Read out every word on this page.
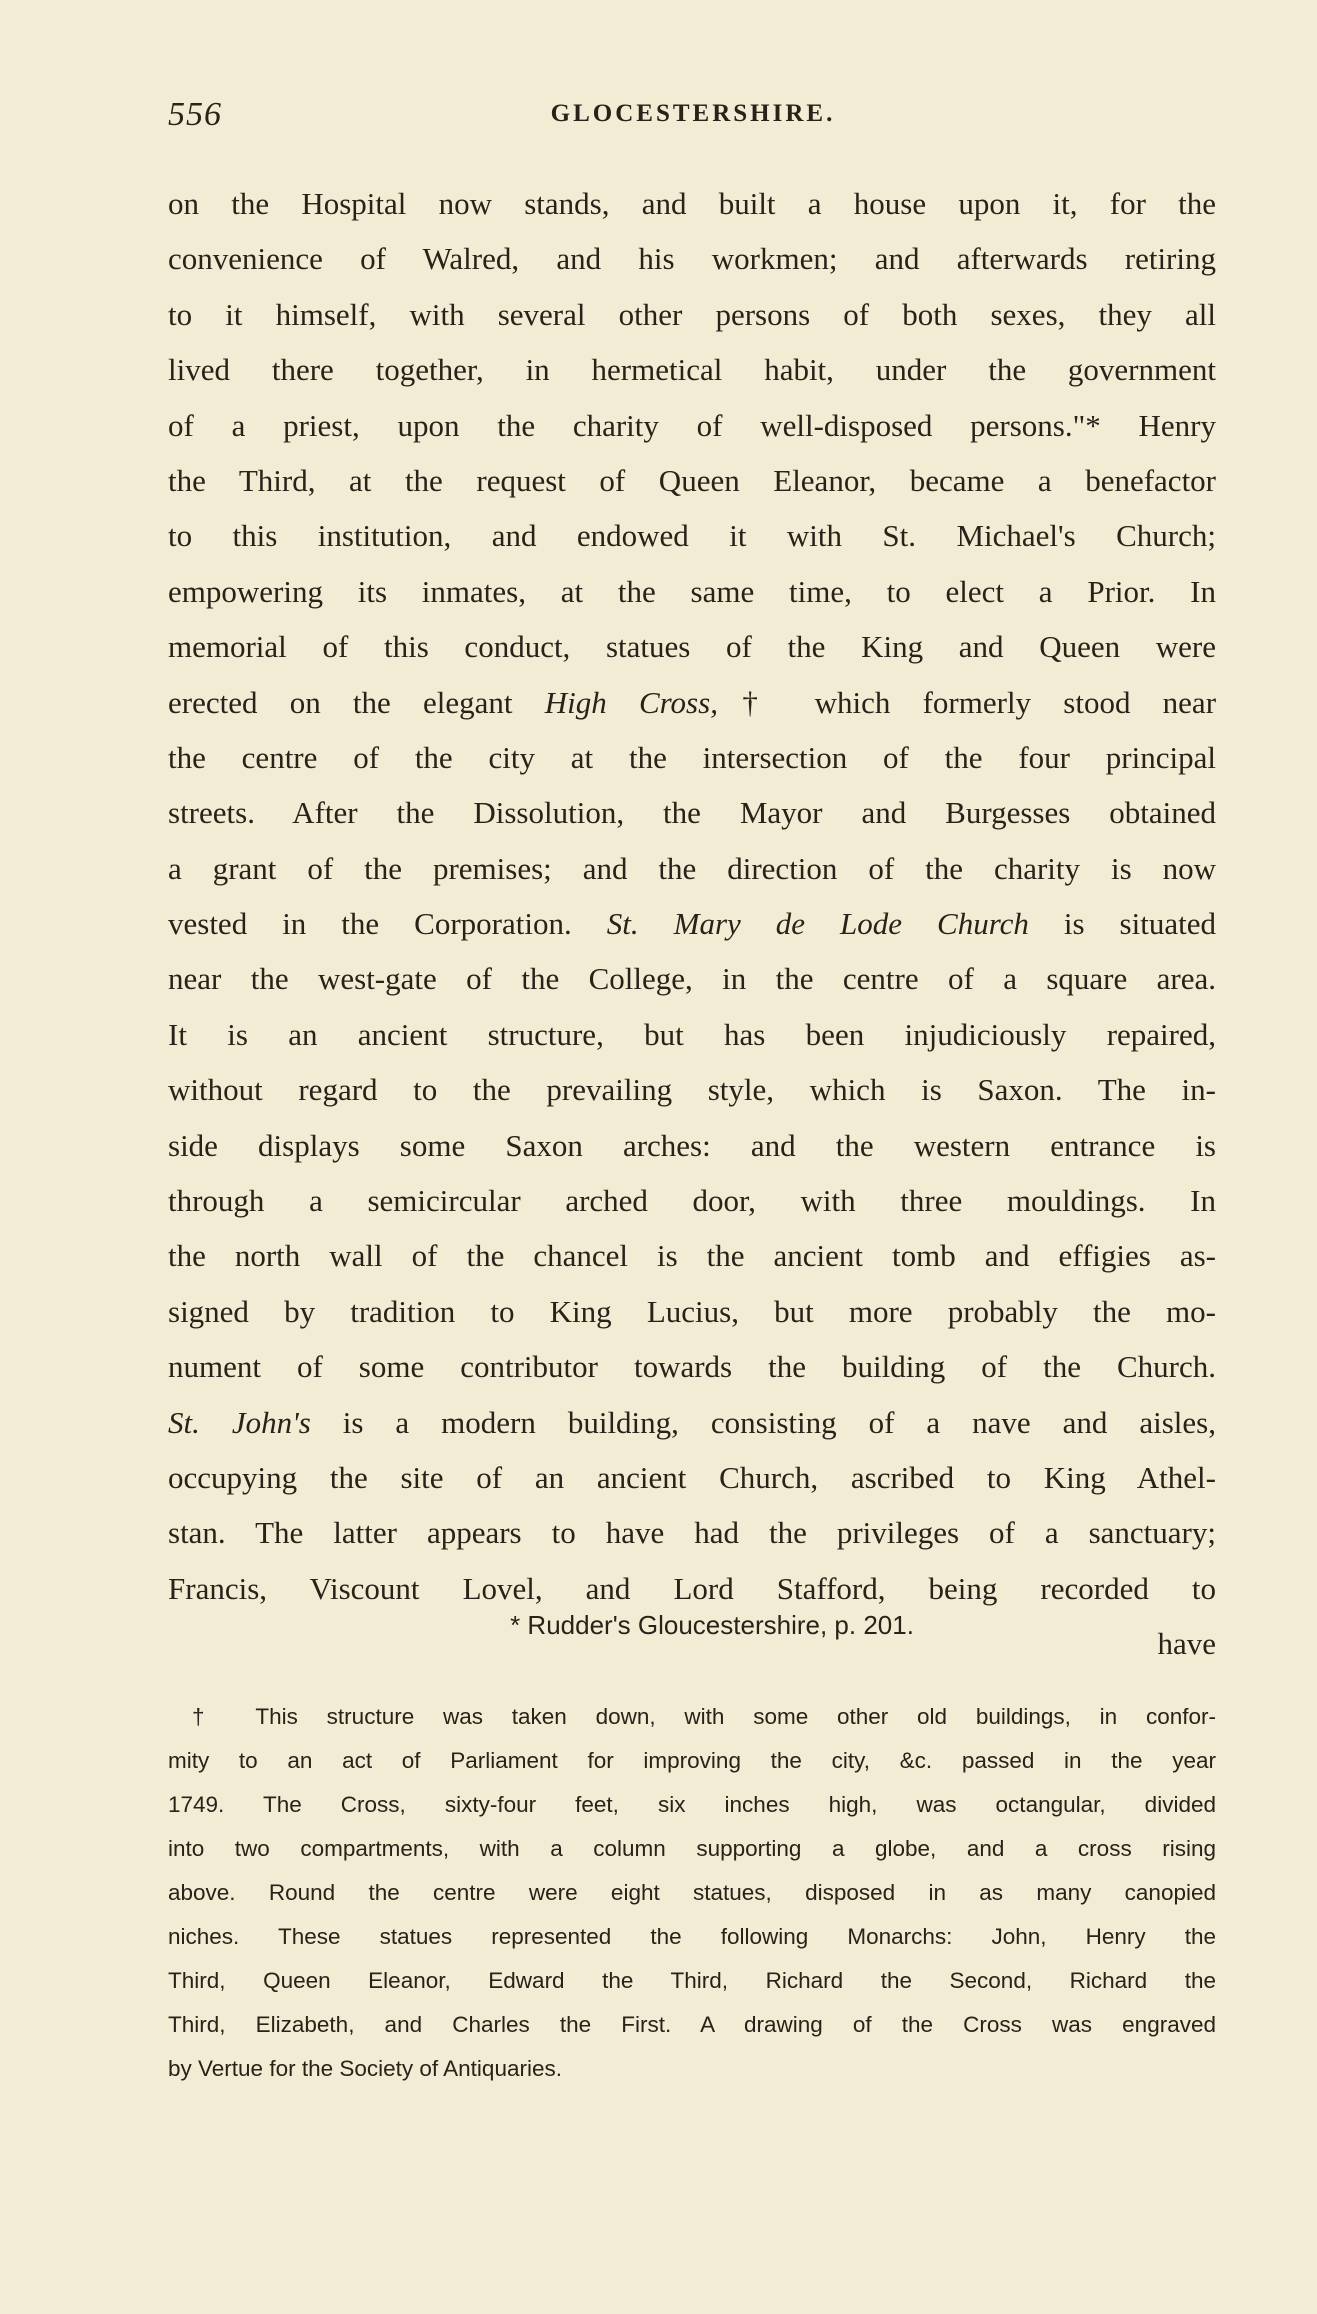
556	GLOCESTERSHIRE.
on the Hospital now stands, and built a house upon it, for the
convenience of Walred, and his workmen; and afterwards retiring
to it himself, with several other persons of both sexes, they all
lived there together, in hermetical habit, under the government
of a priest, upon the charity of well-disposed persons."* Henry
the Third, at the request of Queen Eleanor, became a benefactor
to this institution, and endowed it with St. Michael's Church;
empowering its inmates, at the same time, to elect a Prior. In
memorial of this conduct, statues of the King and Queen were
erected on the elegant High Cross,† which formerly stood near
the centre of the city at the intersection of the four principal
streets. After the Dissolution, the Mayor and Burgesses obtained
a grant of the premises; and the direction of the charity is now
vested in the Corporation. St. Mary de Lode Church is situated
near the west-gate of the College, in the centre of a square area.
It is an ancient structure, but has been injudiciously repaired,
without regard to the prevailing style, which is Saxon. The in-
side displays some Saxon arches: and the western entrance is
through a semicircular arched door, with three mouldings. In
the north wall of the chancel is the ancient tomb and effigies as-
signed by tradition to King Lucius, but more probably the mo-
nument of some contributor towards the building of the Church.
St. John's is a modern building, consisting of a nave and aisles,
occupying the site of an ancient Church, ascribed to King Athel-
stan. The latter appears to have had the privileges of a sanctuary;
Francis, Viscount Lovel, and Lord Stafford, being recorded to
have
* Rudder's Gloucestershire, p. 201.
† This structure was taken down, with some other old buildings, in confor-
mity to an act of Parliament for improving the city, &c. passed in the year
1749. The Cross, sixty-four feet, six inches high, was octangular, divided
into two compartments, with a column supporting a globe, and a cross rising
above. Round the centre were eight statues, disposed in as many canopied
niches. These statues represented the following Monarchs: John, Henry the
Third, Queen Eleanor, Edward the Third, Richard the Second, Richard the
Third, Elizabeth, and Charles the First. A drawing of the Cross was engraved
by Vertue for the Society of Antiquaries.
